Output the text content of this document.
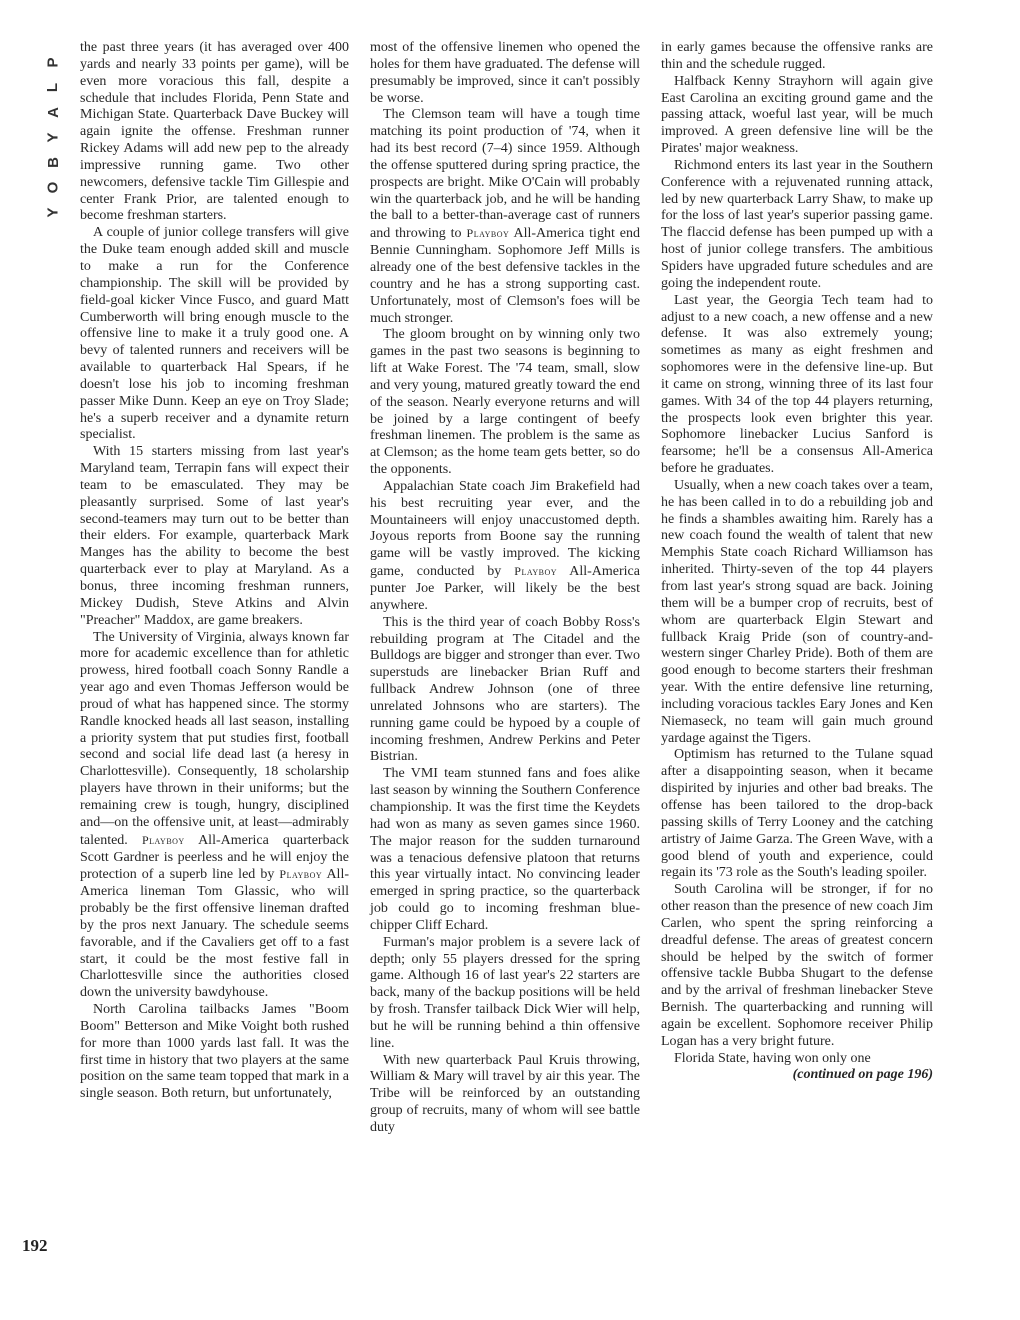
P
L
A
Y
B
O
Y
192

the past three years (it has averaged over 400 yards and nearly 33 points per game), will be even more voracious this fall, despite a schedule that includes Florida, Penn State and Michigan State. Quarterback Dave Buckey will again ignite the offense. Freshman runner Rickey Adams will add new pep to the already impressive running game. Two other newcomers, defensive tackle Tim Gillespie and center Frank Prior, are talented enough to become freshman starters.

A couple of junior college transfers will give the Duke team enough added skill and muscle to make a run for the Conference championship. The skill will be provided by field-goal kicker Vince Fusco, and guard Matt Cumberworth will bring enough muscle to the offensive line to make it a truly good one. A bevy of talented runners and receivers will be available to quarterback Hal Spears, if he doesn't lose his job to incoming freshman passer Mike Dunn. Keep an eye on Troy Slade; he's a superb receiver and a dynamite return specialist.

With 15 starters missing from last year's Maryland team, Terrapin fans will expect their team to be emasculated. They may be pleasantly surprised. Some of last year's second-teamers may turn out to be better than their elders. For example, quarterback Mark Manges has the ability to become the best quarterback ever to play at Maryland. As a bonus, three incoming freshman runners, Mickey Dudish, Steve Atkins and Alvin "Preacher" Maddox, are game breakers.

The University of Virginia, always known far more for academic excellence than for athletic prowess, hired football coach Sonny Randle a year ago and even Thomas Jefferson would be proud of what has happened since. The stormy Randle knocked heads all last season, installing a priority system that put studies first, football second and social life dead last (a heresy in Charlottesville). Consequently, 18 scholarship players have thrown in their uniforms; but the remaining crew is tough, hungry, disciplined and—on the offensive unit, at least—admirably talented. Playboy All-America quarterback Scott Gardner is peerless and he will enjoy the protection of a superb line led by Playboy All-America lineman Tom Glassic, who will probably be the first offensive lineman drafted by the pros next January. The schedule seems favorable, and if the Cavaliers get off to a fast start, it could be the most festive fall in Charlottesville since the authorities closed down the university bawdyhouse.

North Carolina tailbacks James "Boom Boom" Betterson and Mike Voight both rushed for more than 1000 yards last fall. It was the first time in history that two players at the same position on the same team topped that mark in a single season. Both return, but unfortunately,

most of the offensive linemen who opened the holes for them have graduated. The defense will presumably be improved, since it can't possibly be worse.

The Clemson team will have a tough time matching its point production of '74, when it had its best record (7–4) since 1959. Although the offense sputtered during spring practice, the prospects are bright. Mike O'Cain will probably win the quarterback job, and he will be handing the ball to a better-than-average cast of runners and throwing to Playboy All-America tight end Bennie Cunningham. Sophomore Jeff Mills is already one of the best defensive tackles in the country and he has a strong supporting cast. Unfortunately, most of Clemson's foes will be much stronger.

The gloom brought on by winning only two games in the past two seasons is beginning to lift at Wake Forest. The '74 team, small, slow and very young, matured greatly toward the end of the season. Nearly everyone returns and will be joined by a large contingent of beefy freshman linemen. The problem is the same as at Clemson; as the home team gets better, so do the opponents.

Appalachian State coach Jim Brakefield had his best recruiting year ever, and the Mountaineers will enjoy unaccustomed depth. Joyous reports from Boone say the running game will be vastly improved. The kicking game, conducted by Playboy All-America punter Joe Parker, will likely be the best anywhere.

This is the third year of coach Bobby Ross's rebuilding program at The Citadel and the Bulldogs are bigger and stronger than ever. Two superstuds are linebacker Brian Ruff and fullback Andrew Johnson (one of three unrelated Johnsons who are starters). The running game could be hypoed by a couple of incoming freshmen, Andrew Perkins and Peter Bistrian.

The VMI team stunned fans and foes alike last season by winning the Southern Conference championship. It was the first time the Keydets had won as many as seven games since 1960. The major reason for the sudden turnaround was a tenacious defensive platoon that returns this year virtually intact. No convincing leader emerged in spring practice, so the quarterback job could go to incoming freshman blue-chipper Cliff Echard.

Furman's major problem is a severe lack of depth; only 55 players dressed for the spring game. Although 16 of last year's 22 starters are back, many of the backup positions will be held by frosh. Transfer tailback Dick Wier will help, but he will be running behind a thin offensive line.

With new quarterback Paul Kruis throwing, William & Mary will travel by air this year. The Tribe will be reinforced by an outstanding group of recruits, many of whom will see battle duty

in early games because the offensive ranks are thin and the schedule rugged.

Halfback Kenny Strayhorn will again give East Carolina an exciting ground game and the passing attack, woeful last year, will be much improved. A green defensive line will be the Pirates' major weakness.

Richmond enters its last year in the Southern Conference with a rejuvenated running attack, led by new quarterback Larry Shaw, to make up for the loss of last year's superior passing game. The flaccid defense has been pumped up with a host of junior college transfers. The ambitious Spiders have upgraded future schedules and are going the independent route.

Last year, the Georgia Tech team had to adjust to a new coach, a new offense and a new defense. It was also extremely young; sometimes as many as eight freshmen and sophomores were in the defensive line-up. But it came on strong, winning three of its last four games. With 34 of the top 44 players returning, the prospects look even brighter this year. Sophomore linebacker Lucius Sanford is fearsome; he'll be a consensus All-America before he graduates.

Usually, when a new coach takes over a team, he has been called in to do a rebuilding job and he finds a shambles awaiting him. Rarely has a new coach found the wealth of talent that new Memphis State coach Richard Williamson has inherited. Thirty-seven of the top 44 players from last year's strong squad are back. Joining them will be a bumper crop of recruits, best of whom are quarterback Elgin Stewart and fullback Kraig Pride (son of country-and-western singer Charley Pride). Both of them are good enough to become starters their freshman year. With the entire defensive line returning, including voracious tackles Eary Jones and Ken Niemaseck, no team will gain much ground yardage against the Tigers.

Optimism has returned to the Tulane squad after a disappointing season, when it became dispirited by injuries and other bad breaks. The offense has been tailored to the drop-back passing skills of Terry Looney and the catching artistry of Jaime Garza. The Green Wave, with a good blend of youth and experience, could regain its '73 role as the South's leading spoiler.

South Carolina will be stronger, if for no other reason than the presence of new coach Jim Carlen, who spent the spring reinforcing a dreadful defense. The areas of greatest concern should be helped by the switch of former offensive tackle Bubba Shugart to the defense and by the arrival of freshman linebacker Steve Bernish. The quarterbacking and running will again be excellent. Sophomore receiver Philip Logan has a very bright future.

Florida State, having won only one

(continued on page 196)
